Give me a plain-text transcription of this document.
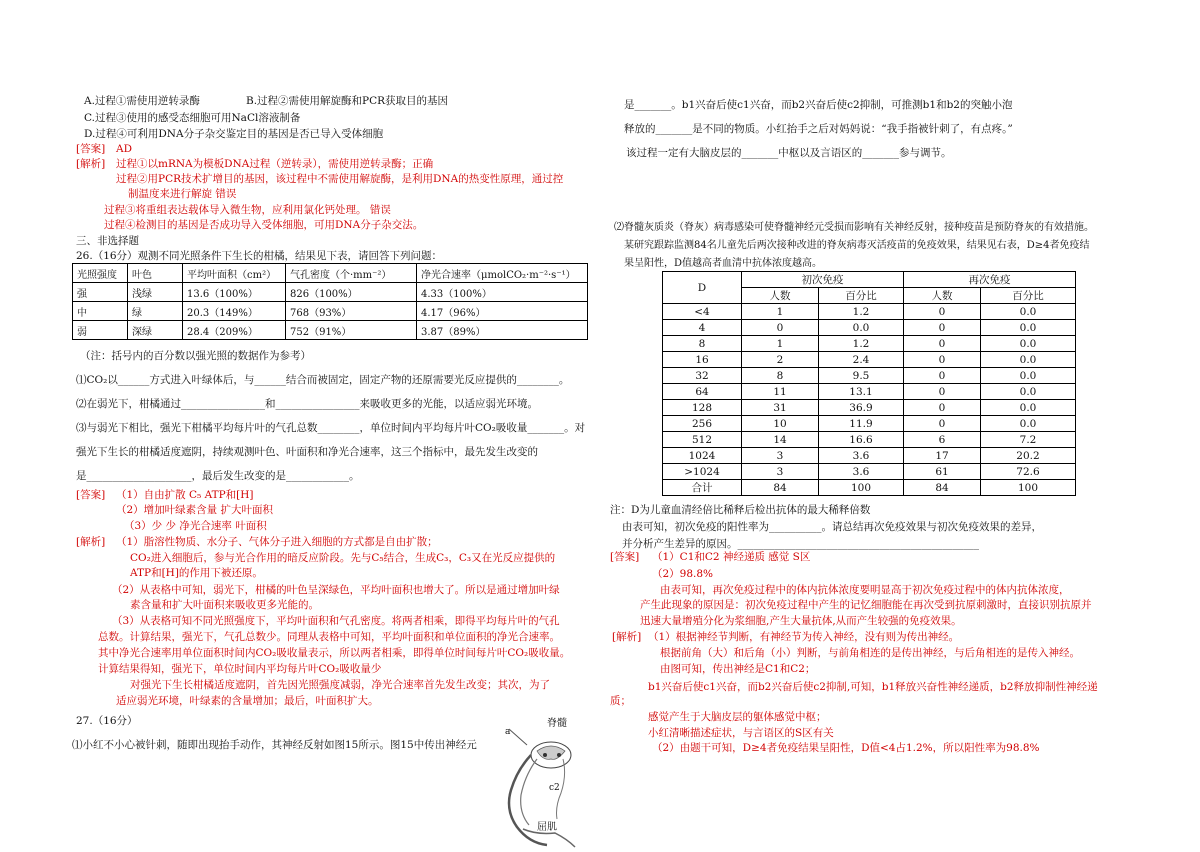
A.过程①需使用逆转录酶	B.过程②需使用解旋酶和PCR获取目的基因
C.过程③使用的感受态细胞可用NaCl溶液制备
D.过程④可利用DNA分子杂交鉴定目的基因是否已导入受体细胞
[答案] AD
[解析] 过程①以mRNA为模板DNA过程（逆转录），需使用逆转录酶；正确
过程②用PCR技术扩增目的基因，该过程中不需使用解旋酶，是利用DNA的热变性原理，通过控
制温度来进行解旋 错误
过程③将重组表达载体导入微生物，应利用氯化钙处理。 错误
过程④检测目的基因是否成功导入受体细胞，可用DNA分子杂交法。
三、非选择题
26.（16分）观测不同光照条件下生长的柑橘，结果见下表，请回答下列问题：
光照强度	叶色	平均叶面积（cm²）	气孔密度（个·mm⁻²）	净光合速率（μmolCO₂·m⁻²·s⁻¹）
强	浅绿	13.6（100%）	826（100%）	4.33（100%）
中	绿	20.3（149%）	768（93%）	4.17（96%）
弱	深绿	28.4（209%）	752（91%）	3.87（89%）
（注：括号内的百分数以强光照的数据作为参考）
⑴CO₂以______方式进入叶绿体后，与______结合而被固定，固定产物的还原需要光反应提供的________。
⑵在弱光下，柑橘通过________________和________________来吸收更多的光能，以适应弱光环境。
⑶与弱光下相比，强光下柑橘平均每片叶的气孔总数________，单位时间内平均每片叶CO₂吸收量_______。对
强光下生长的柑橘适度遮阴，持续观测叶色、叶面积和净光合速率，这三个指标中，最先发生改变的
是____________________，最后发生改变的是____________。
[答案] （1）自由扩散 C₅ ATP和[H]
（2）增加叶绿素含量 扩大叶面积
（3）少 少 净光合速率 叶面积
[解析] （1）脂溶性物质、水分子、气体分子进入细胞的方式都是自由扩散；
CO₂进入细胞后，参与光合作用的暗反应阶段。先与C₅结合，生成C₃，C₃又在光反应提供的
ATP和[H]的作用下被还原。
（2）从表格中可知，弱光下，柑橘的叶色呈深绿色，平均叶面积也增大了。所以是通过增加叶绿
素含量和扩大叶面积来吸收更多光能的。
（3）从表格可知不同光照强度下，平均叶面积和气孔密度。将两者相乘，即得平均每片叶的气孔
总数。计算结果，强光下，气孔总数少。同理从表格中可知，平均叶面积和单位面积的净光合速率。
其中净光合速率用单位面积时间内CO₂吸收量表示，所以两者相乘，即得单位时间每片叶CO₂吸收量。
计算结果得知，强光下，单位时间内平均每片叶CO₂吸收量少
对强光下生长柑橘适度遮阴，首先因光照强度减弱，净光合速率首先发生改变；其次，为了
适应弱光环境，叶绿素的含量增加；最后，叶面积扩大。
27.（16分）
⑴小红不小心被针刺，随即出现抬手动作，其神经反射如图15所示。图15中传出神经元
a
脊髓
c2
屈肌
是_______。b1兴奋后使c1兴奋，而b2兴奋后使c2抑制，可推测b1和b2的突触小泡
释放的_______是不同的物质。小红抬手之后对妈妈说：“我手指被针刺了，有点疼。”
该过程一定有大脑皮层的_______中枢以及言语区的_______参与调节。
⑵脊髓灰质炎（脊灰）病毒感染可使脊髓神经元受损而影响有关神经反射，接种疫苗是预防脊灰的有效措施。
某研究跟踪监测84名儿童先后两次接种改进的脊灰病毒灭活疫苗的免疫效果，结果见右表，D≥4者免疫结
果呈阳性，D值越高者血清中抗体浓度越高。
D	初次免疫		再次免疫	
	人数	百分比	人数	百分比
<4	1	1.2	0	0.0
4	0	0.0	0	0.0
8	1	1.2	0	0.0
16	2	2.4	0	0.0
32	8	9.5	0	0.0
64	11	13.1	0	0.0
128	31	36.9	0	0.0
256	10	11.9	0	0.0
512	14	16.6	6	7.2
1024	3	3.6	17	20.2
>1024	3	3.6	61	72.6
合计	84	100	84	100
注：D为儿童血清经倍比稀释后检出抗体的最大稀释倍数
由表可知，初次免疫的阳性率为__________。请总结再次免疫效果与初次免疫效果的差异，
并分析产生差异的原因。______________________________________________
[答案] （1）C1和C2 神经递质 感觉 S区
（2）98.8%
由表可知，再次免疫过程中的体内抗体浓度要明显高于初次免疫过程中的体内抗体浓度，
产生此现象的原因是：初次免疫过程中产生的记忆细胞能在再次受到抗原刺激时，直接识别抗原并
迅速大量增殖分化为浆细胞,产生大量抗体,从而产生较强的免疫效果。
[解析] （1）根据神经节判断，有神经节为传入神经，没有则为传出神经。
根据前角（大）和后角（小）判断，与前角相连的是传出神经，与后角相连的是传入神经。
由图可知，传出神经是C1和C2；
b1兴奋后使c1兴奋，而b2兴奋后使c2抑制,可知，b1释放兴奋性神经递质，b2释放抑制性神经递
质；
感觉产生于大脑皮层的躯体感觉中枢；
小红清晰描述症状，与言语区的S区有关
（2）由题干可知，D≥4者免疫结果呈阳性，D值<4占1.2%，所以阳性率为98.8%
